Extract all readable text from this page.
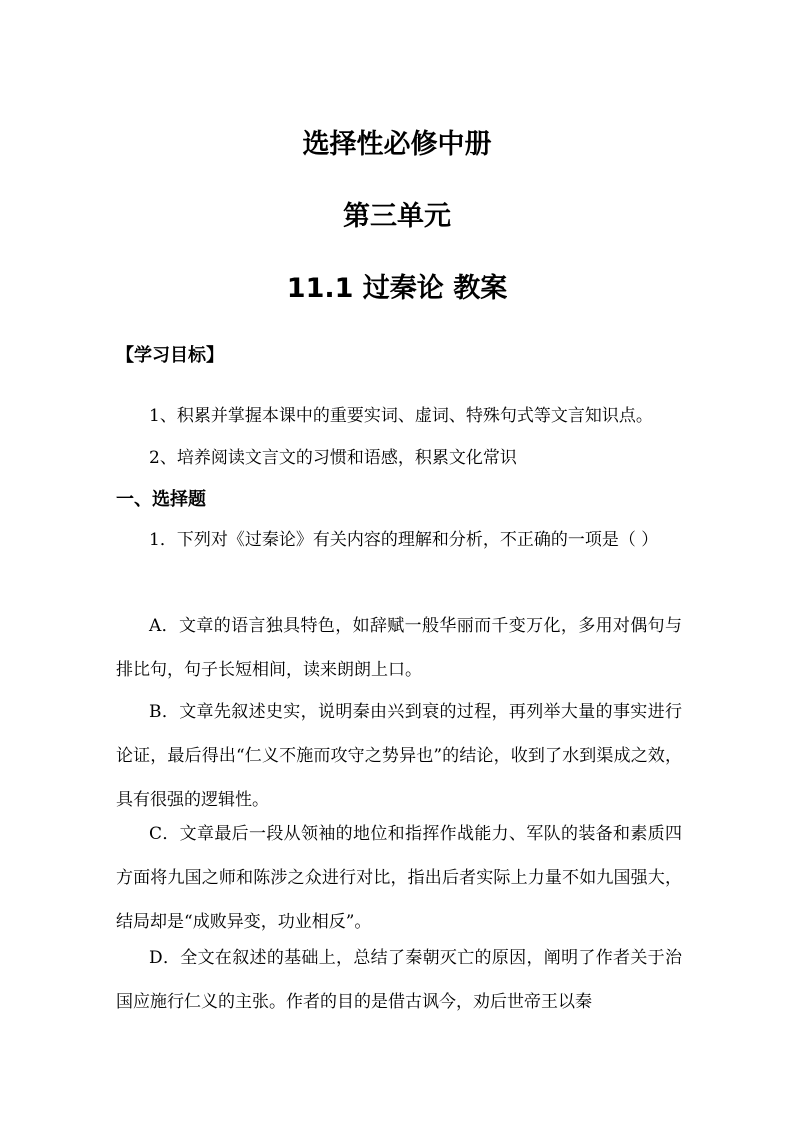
选择性必修中册
第三单元
11.1 过秦论 教案
【学习目标】

1、积累并掌握本课中的重要实词、虚词、特殊句式等文言知识点。

2、培养阅读文言文的习惯和语感，积累文化常识

一、选择题

1．下列对《过秦论》有关内容的理解和分析，不正确的一项是（ ）

A．文章的语言独具特色，如辞赋一般华丽而千变万化，多用对偶句与排比句，句子长短相间，读来朗朗上口。

B．文章先叙述史实，说明秦由兴到衰的过程，再列举大量的事实进行论证，最后得出“仁义不施而攻守之势异也”的结论，收到了水到渠成之效，具有很强的逻辑性。

C．文章最后一段从领袖的地位和指挥作战能力、军队的装备和素质四方面将九国之师和陈涉之众进行对比，指出后者实际上力量不如九国强大，结局却是“成败异变，功业相反”。

D．全文在叙述的基础上，总结了秦朝灭亡的原因，阐明了作者关于治国应施行仁义的主张。作者的目的是借古讽今，劝后世帝王以秦
